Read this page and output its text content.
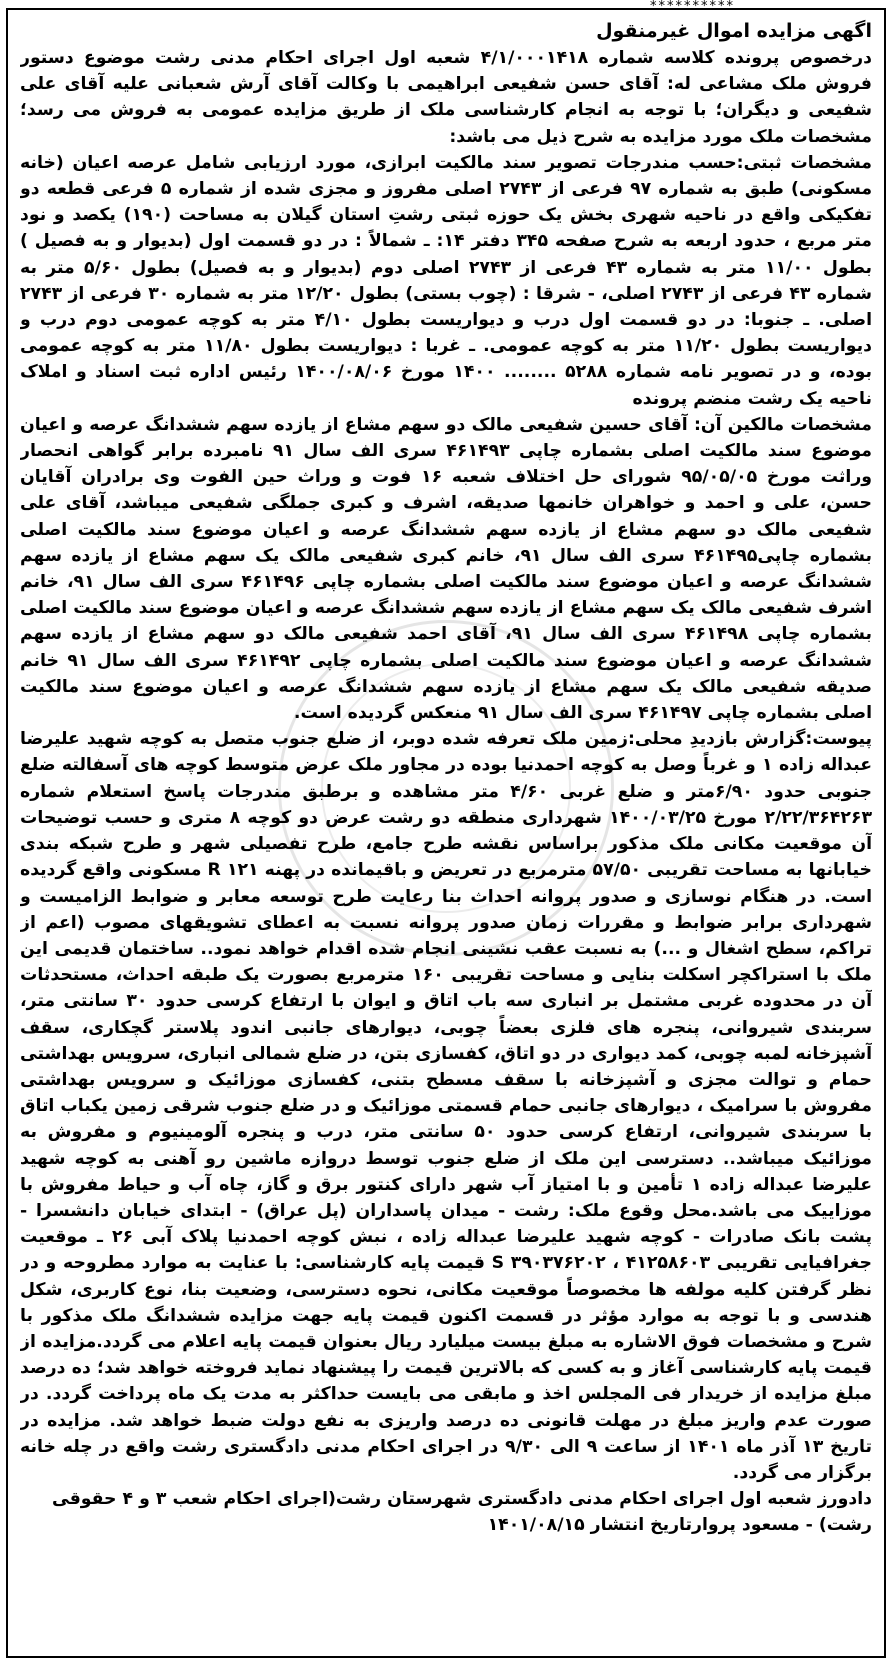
**********

اگهی مزایده اموال غیرمنقول

درخصوص پرونده کلاسه شماره ۴/۱/۰۰۰۱۴۱۸ شعبه اول اجرای احکام مدنی رشت موضوع دستور فروش ملک مشاعی له: آقای حسن شفیعی ابراهیمی با وکالت آقای آرش شعبانی علیه آقای علی شفیعی و دیگران؛ با توجه به انجام کارشناسی ملک از طریق مزایده عمومی به فروش می رسد؛ مشخصات ملک مورد مزایده به شرح ذیل می باشد:

مشخصات ثبتی:حسب مندرجات تصویر سند مالکیت ابرازی، مورد ارزیابی شامل عرصه اعیان (خانه مسکونی) طبق به شماره ۹۷ فرعی از ۲۷۴۳ اصلی مفروز و مجزی شده از شماره ۵ فرعی قطعه دو تفکیکی واقع در ناحیه شهری بخش یک حوزه ثبتی رشتِ استان گیلان به مساحت (۱۹۰) یکصد و نود متر مربع ، حدود اربعه به شرح صفحه ۳۴۵ دفتر ۱۴: ـ شمالاً : در دو قسمت اول (بدیوار و به فصیل ) بطول ۱۱/۰۰ متر به شماره ۴۳ فرعی از ۲۷۴۳ اصلی دوم (بدیوار و به فصیل) بطول ۵/۶۰ متر به شماره ۴۳ فرعی از ۲۷۴۳ اصلی، - شرقا : (چوب بستی) بطول ۱۲/۲۰ متر به شماره ۳۰ فرعی از ۲۷۴۳ اصلی. ـ جنوبا: در دو قسمت اول درب و دیواریست بطول ۴/۱۰ متر به کوچه عمومی دوم درب و دیواریست بطول ۱۱/۲۰ متر به کوچه عمومی. ـ غربا : دیواریست بطول ۱۱/۸۰ متر به کوچه عمومی بوده، و در تصویر نامه شماره ۵۲۸۸ ........ ۱۴۰۰ مورخ ۱۴۰۰/۰۸/۰۶ رئیس اداره ثبت اسناد و املاک ناحیه یک رشت منضم پرونده

مشخصات مالکین آن: آقای حسین شفیعی مالک دو سهم مشاع از یازده سهم ششدانگ عرصه و اعیان موضوع سند مالکیت اصلی بشماره چاپی ۴۶۱۴۹۳ سری الف سال ۹۱ نامبرده برابر گواهی انحصار وراثت مورخ ۹۵/۰۵/۰۵ شورای حل اختلاف شعبه ۱۶ فوت و وراث حین الفوت وی برادران آقایان حسن، علی و احمد و خواهران خانمها صدیقه، اشرف و کبری جملگی شفیعی میباشد، آقای علی شفیعی مالک دو سهم مشاع از یازده سهم ششدانگ عرصه و اعیان موضوع سند مالکیت اصلی بشماره چاپی۴۶۱۴۹۵ سری الف سال ۹۱، خانم کبری شفیعی مالک یک سهم مشاع از یازده سهم ششدانگ عرصه و اعیان موضوع سند مالکیت اصلی بشماره چاپی ۴۶۱۴۹۶ سری الف سال ۹۱، خانم اشرف شفیعی مالک یک سهم مشاع از یازده سهم ششدانگ عرصه و اعیان موضوع سند مالکیت اصلی بشماره چاپی ۴۶۱۴۹۸ سری الف سال ۹۱، آقای احمد شفیعی مالک دو سهم مشاع از یازده سهم ششدانگ عرصه و اعیان موضوع سند مالکیت اصلی بشماره چاپی ۴۶۱۴۹۲ سری الف سال ۹۱ خانم صدیقه شفیعی مالک یک سهم مشاع از یازده سهم ششدانگ عرصه و اعیان موضوع سند مالکیت اصلی بشماره چاپی ۴۶۱۴۹۷ سری الف سال ۹۱ منعکس گردیده است.

پیوست:گزارش بازدیدِ محلی:زمین ملک تعرفه شده دوبر، از ضلع جنوب متصل به کوچه شهید علیرضا عبداله زاده ۱ و غرباً وصل به کوچه احمدنیا بوده در مجاور ملک عرض متوسط کوچه های آسفالته ضلع جنوبی حدود ۶/۹۰متر و ضلع غربی ۴/۶۰ متر مشاهده و برطبق مندرجات پاسخ استعلام شماره ۲/۲۲/۳۶۴۲۶۳ مورخ ۱۴۰۰/۰۳/۲۵ شهرداری منطقه دو رشت عرض دو کوچه ۸ متری و حسب توضیحات آن موقعیت مکانی ملک مذکور براساس نقشه طرح جامع، طرح تفصیلی شهر و طرح شبکه بندی خیابانها به مساحت تقریبی ۵۷/۵۰ مترمربع در تعریض و باقیمانده در پهنه R ۱۲۱ مسکونی واقع گردیده است. در هنگام نوسازی و صدور پروانه احداث بنا رعایت طرح توسعه معابر و ضوابط الزامیست و شهرداری برابر ضوابط و مقررات زمان صدور پروانه نسبت به اعطای تشویقهای مصوب (اعم از تراکم، سطح اشغال و ...) به نسبت عقب نشینی انجام شده اقدام خواهد نمود.. ساختمان قدیمی این ملک با استراکچر اسکلت بنایی و مساحت تقریبی ۱۶۰ مترمربع بصورت یک طبقه احداث، مستحدثات آن در محدوده غربی مشتمل بر انباری سه باب اتاق و ایوان با ارتفاع کرسی حدود ۳۰ سانتی متر، سربندی شیروانی، پنجره های فلزی بعضاً چوبی، دیوارهای جانبی اندود پلاستر گچکاری، سقف آشپزخانه لمبه چوبی، کمد دیواری در دو اتاق، کفسازی بتن، در ضلع شمالی انباری، سرویس بهداشتی حمام و توالت مجزی و آشپزخانه با سقف مسطح بتنی، کفسازی موزائیک و سرویس بهداشتی مفروش با سرامیک ، دیوارهای جانبی حمام قسمتی موزائیک و در ضلع جنوب شرقی زمین یکباب اتاق با سربندی شیروانی، ارتفاع کرسی حدود ۵۰ سانتی متر، درب و پنجره آلومینیوم و مفروش به موزائیک میباشد.. دسترسی این ملک از ضلع جنوب توسط دروازه ماشین رو آهنی به کوچه شهید علیرضا عبداله زاده ۱ تأمین و با امتیاز آب شهر دارای کنتور برق و گاز، چاه آب و حیاط مفروش با موزاییک می باشد.محل وقوع ملک: رشت - میدان پاسداران (پل عراق) - ابتدای خیابان دانشسرا - پشت بانک صادرات - کوچه شهید علیرضا عبداله زاده ، نبش کوچه احمدنیا پلاک آبی ۲۶ ـ موقعیت جغرافیایی تقریبی ۴۱۲۵۸۶۰۳ ، S ۳۹۰۳۷۶۲۰۲ قیمت پایه کارشناسی: با عنایت به موارد مطروحه و در نظر گرفتن کلیه مولفه ها مخصوصاً موقعیت مکانی، نحوه دسترسی، وضعیت بنا، نوع کاربری، شکل هندسی و با توجه به موارد مؤثر در قسمت اکنون قیمت پایه جهت مزایده ششدانگ ملک مذکور با شرح و مشخصات فوق الاشاره به مبلغ بیست میلیارد ریال بعنوان قیمت پایه اعلام می گردد.مزایده از قیمت پایه کارشناسی آغاز و به کسی که بالاترین قیمت را پیشنهاد نماید فروخته خواهد شد؛ ده درصد مبلغ مزایده از خریدار فی المجلس اخذ و مابقی می بایست حداکثر به مدت یک ماه پرداخت گردد. در صورت عدم واریز مبلغ در مهلت قانونی ده درصد واریزی به نفع دولت ضبط خواهد شد. مزایده در تاریخ ۱۳ آذر ماه ۱۴۰۱ از ساعت ۹ الی ۹/۳۰ در اجرای احکام مدنی دادگستری رشت واقع در چله خانه برگزار می گردد.

دادورز شعبه اول اجرای احکام مدنی دادگستری شهرستان رشت(اجرای احکام شعب ۳ و ۴ حقوقی رشت) - مسعود پروارتاریخ انتشار ۱۴۰۱/۰۸/۱۵
